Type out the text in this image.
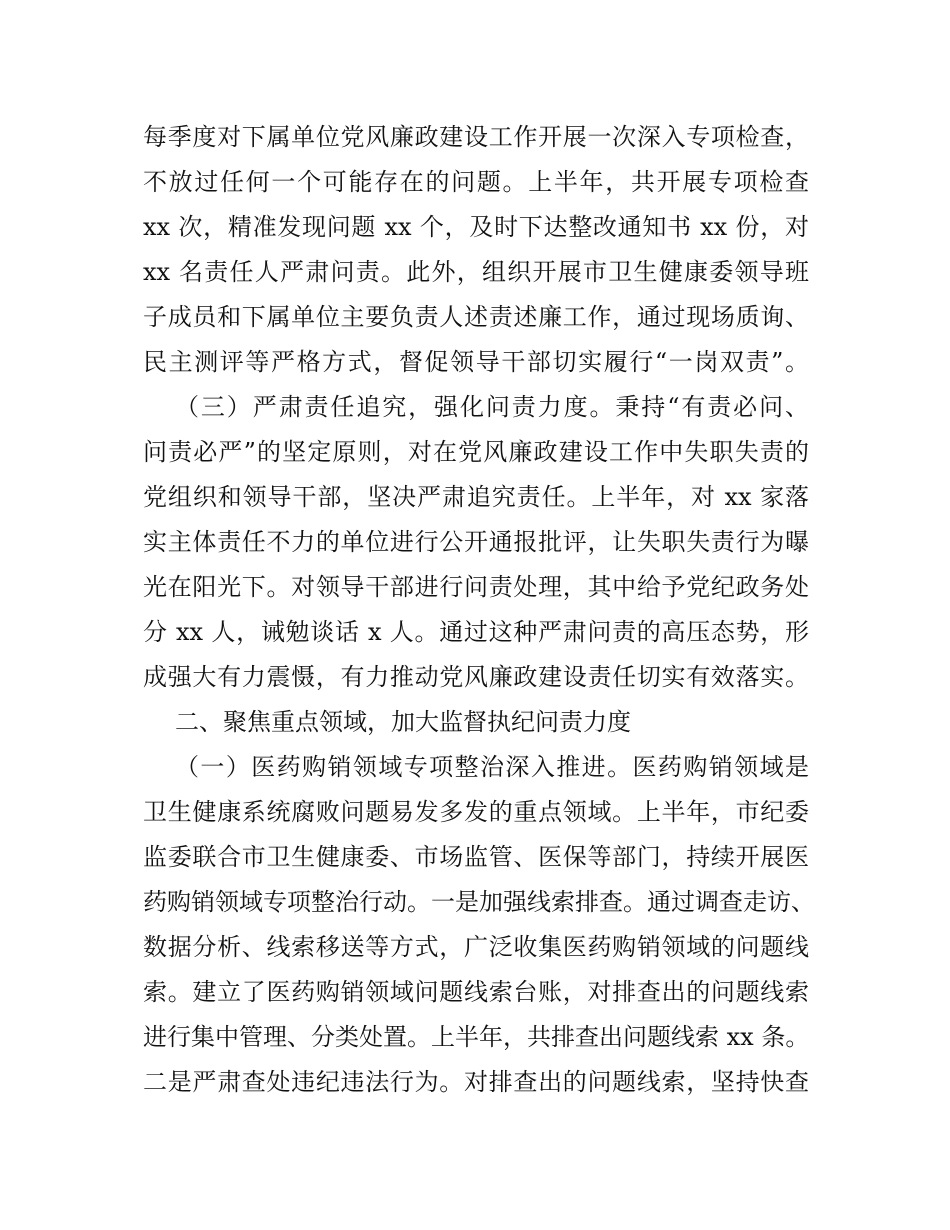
每季度对下属单位党风廉政建设工作开展一次深入专项检查，
不放过任何一个可能存在的问题。上半年，共开展专项检查
xx 次，精准发现问题 xx 个，及时下达整改通知书 xx 份，对
xx 名责任人严肃问责。此外，组织开展市卫生健康委领导班
子成员和下属单位主要负责人述责述廉工作，通过现场质询、
民主测评等严格方式，督促领导干部切实履行“一岗双责”。
（三）严肃责任追究，强化问责力度。秉持“有责必问、
问责必严”的坚定原则，对在党风廉政建设工作中失职失责的
党组织和领导干部，坚决严肃追究责任。上半年，对 xx 家落
实主体责任不力的单位进行公开通报批评，让失职失责行为曝
光在阳光下。对领导干部进行问责处理，其中给予党纪政务处
分 xx 人，诫勉谈话 x 人。通过这种严肃问责的高压态势，形
成强大有力震慑，有力推动党风廉政建设责任切实有效落实。
二、聚焦重点领域，加大监督执纪问责力度
（一）医药购销领域专项整治深入推进。医药购销领域是
卫生健康系统腐败问题易发多发的重点领域。上半年，市纪委
监委联合市卫生健康委、市场监管、医保等部门，持续开展医
药购销领域专项整治行动。一是加强线索排查。通过调查走访、
数据分析、线索移送等方式，广泛收集医药购销领域的问题线
索。建立了医药购销领域问题线索台账，对排查出的问题线索
进行集中管理、分类处置。上半年，共排查出问题线索 xx 条。
二是严肃查处违纪违法行为。对排查出的问题线索，坚持快查
